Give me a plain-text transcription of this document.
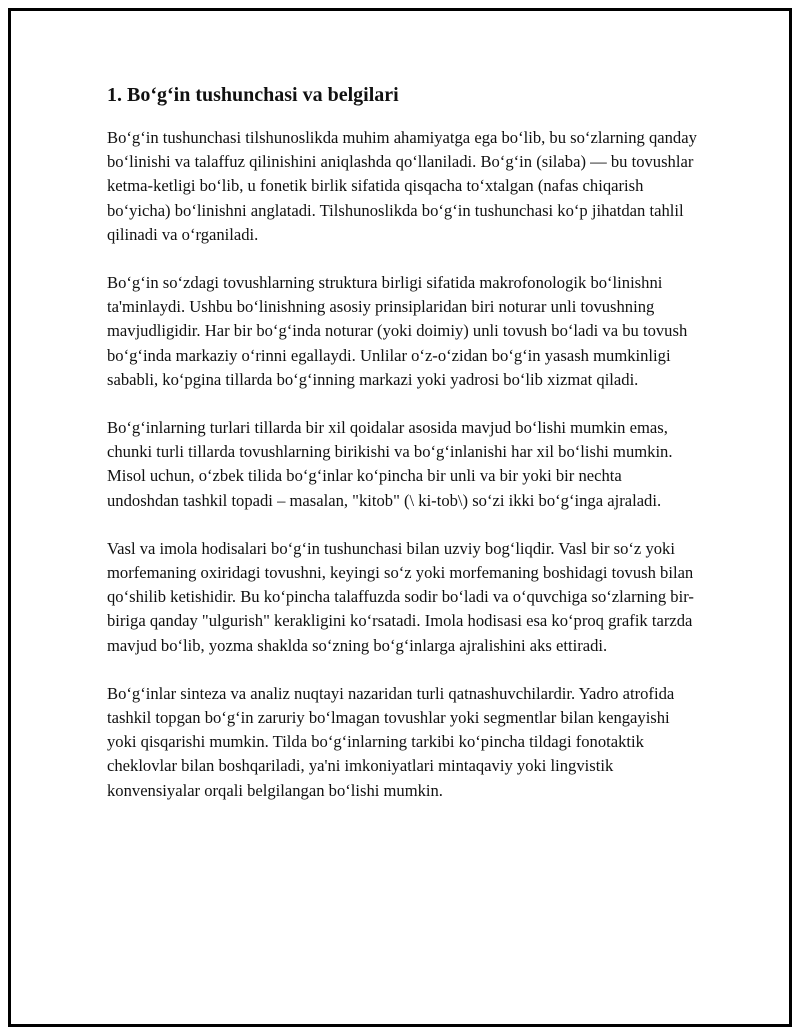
1. Bo‘g‘in tushunchasi va belgilari

Bo‘g‘in tushunchasi tilshunoslikda muhim ahamiyatga ega bo‘lib, bu so‘zlarning qanday bo‘linishi va talaffuz qilinishini aniqlashda qo‘llaniladi. Bo‘g‘in (silaba) — bu tovushlar ketma-ketligi bo‘lib, u fonetik birlik sifatida qisqacha to‘xtalgan (nafas chiqarish bo‘yicha) bo‘linishni anglatadi. Tilshunoslikda bo‘g‘in tushunchasi ko‘p jihatdan tahlil qilinadi va o‘rganiladi.

Bo‘g‘in so‘zdagi tovushlarning struktura birligi sifatida makrofonologik bo‘linishni ta'minlaydi. Ushbu bo‘linishning asosiy prinsiplaridan biri noturar unli tovushning mavjudligidir. Har bir bo‘g‘inda noturar (yoki doimiy) unli tovush bo‘ladi va bu tovush bo‘g‘inda markaziy o‘rinni egallaydi. Unlilar o‘z-o‘zidan bo‘g‘in yasash mumkinligi sababli, ko‘pgina tillarda bo‘g‘inning markazi yoki yadrosi bo‘lib xizmat qiladi.

Bo‘g‘inlarning turlari tillarda bir xil qoidalar asosida mavjud bo‘lishi mumkin emas, chunki turli tillarda tovushlarning birikishi va bo‘g‘inlanishi har xil bo‘lishi mumkin. Misol uchun, o‘zbek tilida bo‘g‘inlar ko‘pincha bir unli va bir yoki bir nechta undoshdan tashkil topadi – masalan, "kitob" (\ ki-tob\) so‘zi ikki bo‘g‘inga ajraladi.

Vasl va imola hodisalari bo‘g‘in tushunchasi bilan uzviy bog‘liqdir. Vasl bir so‘z yoki morfemaning oxiridagi tovushni, keyingi so‘z yoki morfemaning boshidagi tovush bilan qo‘shilib ketishidir. Bu ko‘pincha talaffuzda sodir bo‘ladi va o‘quvchiga so‘zlarning bir-biriga qanday "ulgurish" kerakligini ko‘rsatadi. Imola hodisasi esa ko‘proq grafik tarzda mavjud bo‘lib, yozma shaklda so‘zning bo‘g‘inlarga ajralishini aks ettiradi.

Bo‘g‘inlar sinteza va analiz nuqtayi nazaridan turli qatnashuvchilardir. Yadro atrofida tashkil topgan bo‘g‘in zaruriy bo‘lmagan tovushlar yoki segmentlar bilan kengayishi yoki qisqarishi mumkin. Tilda bo‘g‘inlarning tarkibi ko‘pincha tildagi fonotaktik cheklovlar bilan boshqariladi, ya'ni imkoniyatlari mintaqaviy yoki lingvistik konvensiyalar orqali belgilangan bo‘lishi mumkin.
